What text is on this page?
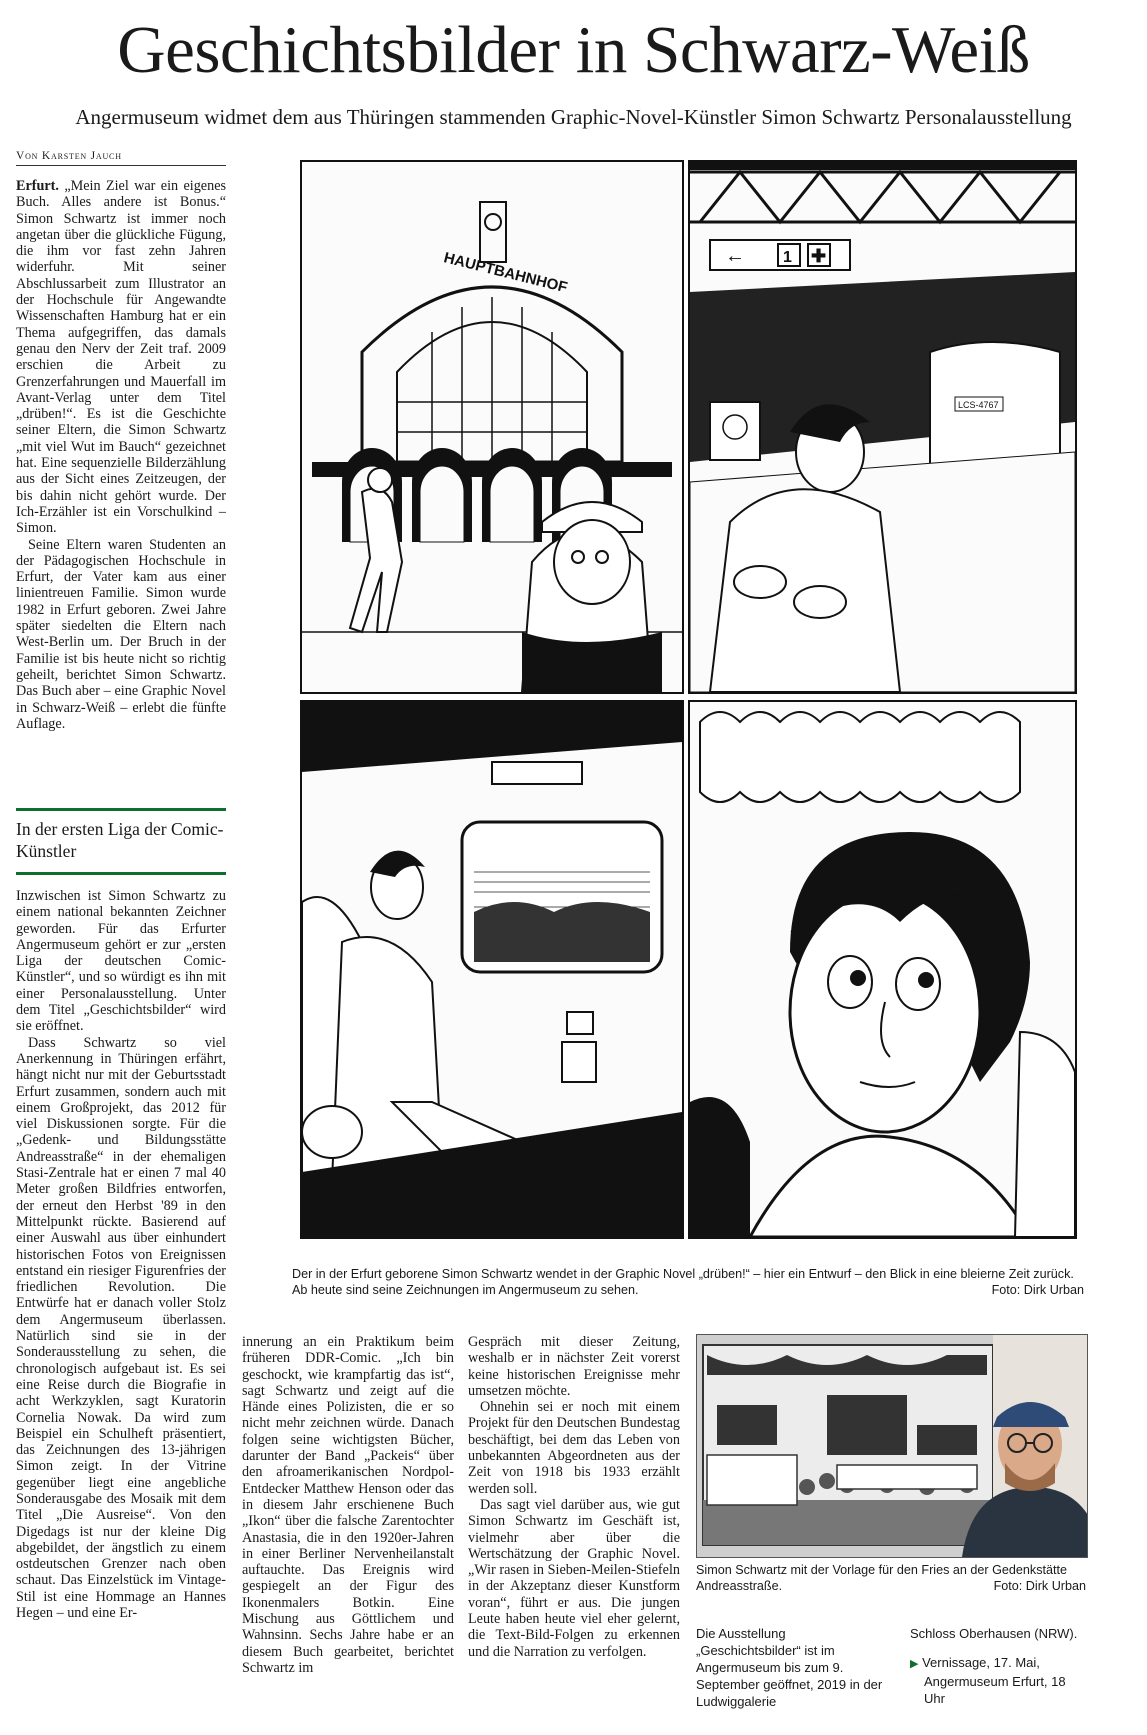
Geschichtsbilder in Schwarz-Weiß
Angermuseum widmet dem aus Thüringen stammenden Graphic-Novel-Künstler Simon Schwartz Personalausstellung
Von Karsten Jauch

Erfurt. „Mein Ziel war ein eigenes Buch. Alles andere ist Bonus.“ Simon Schwartz ist immer noch angetan über die glückliche Fügung, die ihm vor fast zehn Jahren widerfuhr. Mit seiner Abschlussarbeit zum Illustrator an der Hochschule für Angewandte Wissenschaften Hamburg hat er ein Thema aufgegriffen, das damals genau den Nerv der Zeit traf. 2009 erschien die Arbeit zu Grenzerfahrungen und Mauerfall im Avant-Verlag unter dem Titel „drüben!“. Es ist die Geschichte seiner Eltern, die Simon Schwartz „mit viel Wut im Bauch“ gezeichnet hat. Eine sequenzielle Bilderzählung aus der Sicht eines Zeitzeugen, der bis dahin nicht gehört wurde. Der Ich-Erzähler ist ein Vorschulkind – Simon.

Seine Eltern waren Studenten an der Pädagogischen Hochschule in Erfurt, der Vater kam aus einer linientreuen Familie. Simon wurde 1982 in Erfurt geboren. Zwei Jahre später siedelten die Eltern nach West-Berlin um. Der Bruch in der Familie ist bis heute nicht so richtig geheilt, berichtet Simon Schwartz. Das Buch aber – eine Graphic Novel in Schwarz-Weiß – erlebt die fünfte Auflage.

In der ersten Liga der Comic-Künstler

Inzwischen ist Simon Schwartz zu einem national bekannten Zeichner geworden. Für das Erfurter Angermuseum gehört er zur „ersten Liga der deutschen Comic-Künstler“, und so würdigt es ihn mit einer Personalausstellung. Unter dem Titel „Geschichtsbilder“ wird sie eröffnet.

Dass Schwartz so viel Anerkennung in Thüringen erfährt, hängt nicht nur mit der Geburtsstadt Erfurt zusammen, sondern auch mit einem Großprojekt, das 2012 für viel Diskussionen sorgte. Für die „Gedenk- und Bildungsstätte Andreasstraße“ in der ehemaligen Stasi-Zentrale hat er einen 7 mal 40 Meter großen Bildfries entworfen, der erneut den Herbst '89 in den Mittelpunkt rückte. Basierend auf einer Auswahl aus über einhundert historischen Fotos von Ereignissen entstand ein riesiger Figurenfries der friedlichen Revolution. Die Entwürfe hat er danach voller Stolz dem Angermuseum überlassen. Natürlich sind sie in der Sonderausstellung zu sehen, die chronologisch aufgebaut ist. Es sei eine Reise durch die Biografie in acht Werkzyklen, sagt Kuratorin Cornelia Nowak. Da wird zum Beispiel ein Schulheft präsentiert, das Zeichnungen des 13-jährigen Simon zeigt. In der Vitrine gegenüber liegt eine angebliche Sonderausgabe des Mosaik mit dem Titel „Die Ausreise“. Von den Digedags ist nur der kleine Dig abgebildet, der ängstlich zu einem ostdeutschen Grenzer nach oben schaut. Das Einzelstück im Vintage-Stil ist eine Hommage an Hannes Hegen – und eine Er-

HAUPTBAHNHOF	← 1 ✚
LCS-4767
Der in der Erfurt geborene Simon Schwartz wendet in der Graphic Novel „drüben!“ – hier ein Entwurf – den Blick in eine bleierne Zeit zurück. Ab heute sind seine Zeichnungen im Angermuseum zu sehen.	Foto: Dirk Urban

innerung an ein Praktikum beim früheren DDR-Comic. „Ich bin geschockt, wie krampfartig das ist“, sagt Schwartz und zeigt auf die Hände eines Polizisten, die er so nicht mehr zeichnen würde. Danach folgen seine wichtigsten Bücher, darunter der Band „Packeis“ über den afroamerikanischen Nordpol-Entdecker Matthew Henson oder das in diesem Jahr erschienene Buch „Ikon“ über die falsche Zarentochter Anastasia, die in den 1920er-Jahren in einer Berliner Nervenheilanstalt auftauchte. Das Ereignis wird gespiegelt an der Figur des Ikonenmalers Botkin. Eine Mischung aus Göttlichem und Wahnsinn. Sechs Jahre habe er an diesem Buch gearbeitet, berichtet Schwartz im

Gespräch mit dieser Zeitung, weshalb er in nächster Zeit vorerst keine historischen Ereignisse mehr umsetzen möchte.

Ohnehin sei er noch mit einem Projekt für den Deutschen Bundestag beschäftigt, bei dem das Leben von unbekannten Abgeordneten aus der Zeit von 1918 bis 1933 erzählt werden soll.

Das sagt viel darüber aus, wie gut Simon Schwartz im Geschäft ist, vielmehr aber über die Wertschätzung der Graphic Novel. „Wir rasen in Sieben-Meilen-Stiefeln in der Akzeptanz dieser Kunstform voran“, führt er aus. Die jungen Leute haben heute viel eher gelernt, die Text-Bild-Folgen zu erkennen und die Narration zu verfolgen.

Simon Schwartz mit der Vorlage für den Fries an der Gedenkstätte Andreasstraße.	Foto: Dirk Urban
Die Ausstellung „Geschichtsbilder“ ist im Angermuseum bis zum 9. September geöffnet, 2019 in der Ludwiggalerie
Schloss Oberhausen (NRW).
▶ Vernissage, 17. Mai,
Angermuseum Erfurt, 18 Uhr
